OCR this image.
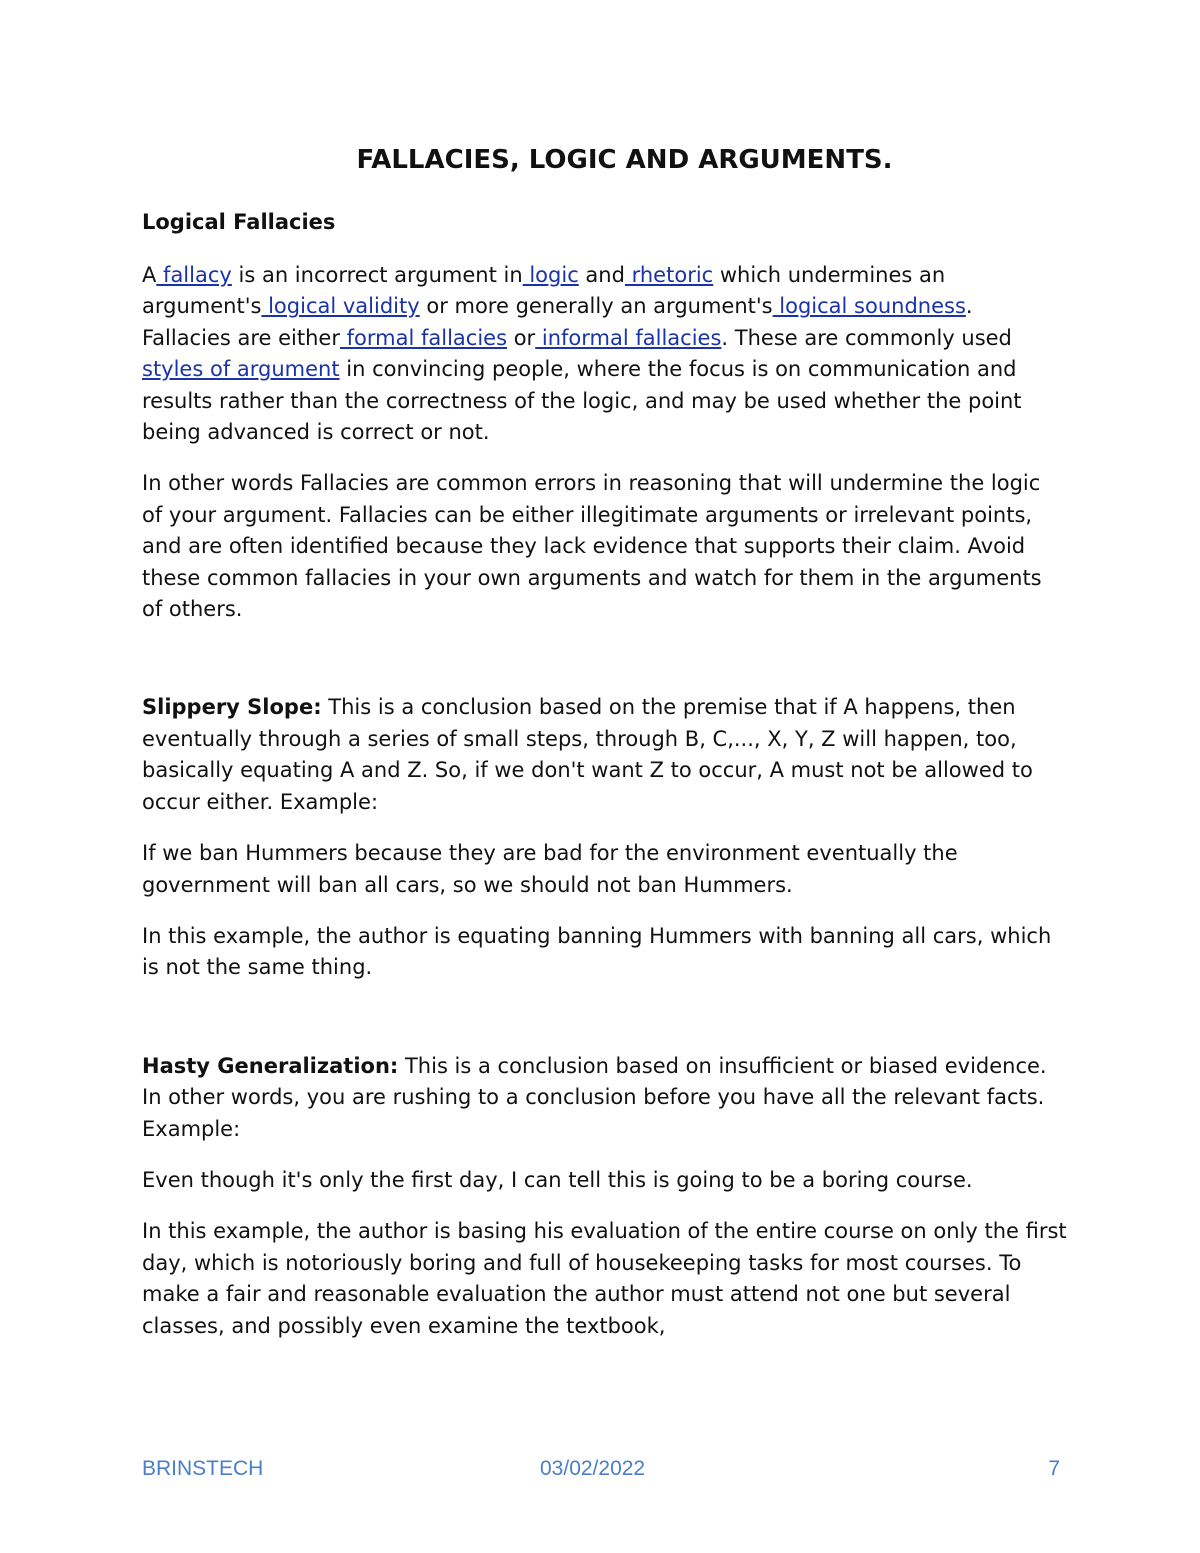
FALLACIES, LOGIC AND ARGUMENTS.
Logical Fallacies

A fallacy is an incorrect argument in logic and rhetoric which undermines an argument's logical validity or more generally an argument's logical soundness. Fallacies are either formal fallacies or informal fallacies. These are commonly used styles of argument in convincing people, where the focus is on communication and results rather than the correctness of the logic, and may be used whether the point being advanced is correct or not.

In other words Fallacies are common errors in reasoning that will undermine the logic of your argument. Fallacies can be either illegitimate arguments or irrelevant points, and are often identified because they lack evidence that supports their claim. Avoid these common fallacies in your own arguments and watch for them in the arguments of others.

Slippery Slope: This is a conclusion based on the premise that if A happens, then eventually through a series of small steps, through B, C,..., X, Y, Z will happen, too, basically equating A and Z. So, if we don't want Z to occur, A must not be allowed to occur either. Example:

If we ban Hummers because they are bad for the environment eventually the government will ban all cars, so we should not ban Hummers.

In this example, the author is equating banning Hummers with banning all cars, which is not the same thing.

Hasty Generalization: This is a conclusion based on insufficient or biased evidence. In other words, you are rushing to a conclusion before you have all the relevant facts. Example:

Even though it's only the first day, I can tell this is going to be a boring course.

In this example, the author is basing his evaluation of the entire course on only the first day, which is notoriously boring and full of housekeeping tasks for most courses. To make a fair and reasonable evaluation the author must attend not one but several classes, and possibly even examine the textbook,

BRINSTECH	03/02/2022	7
